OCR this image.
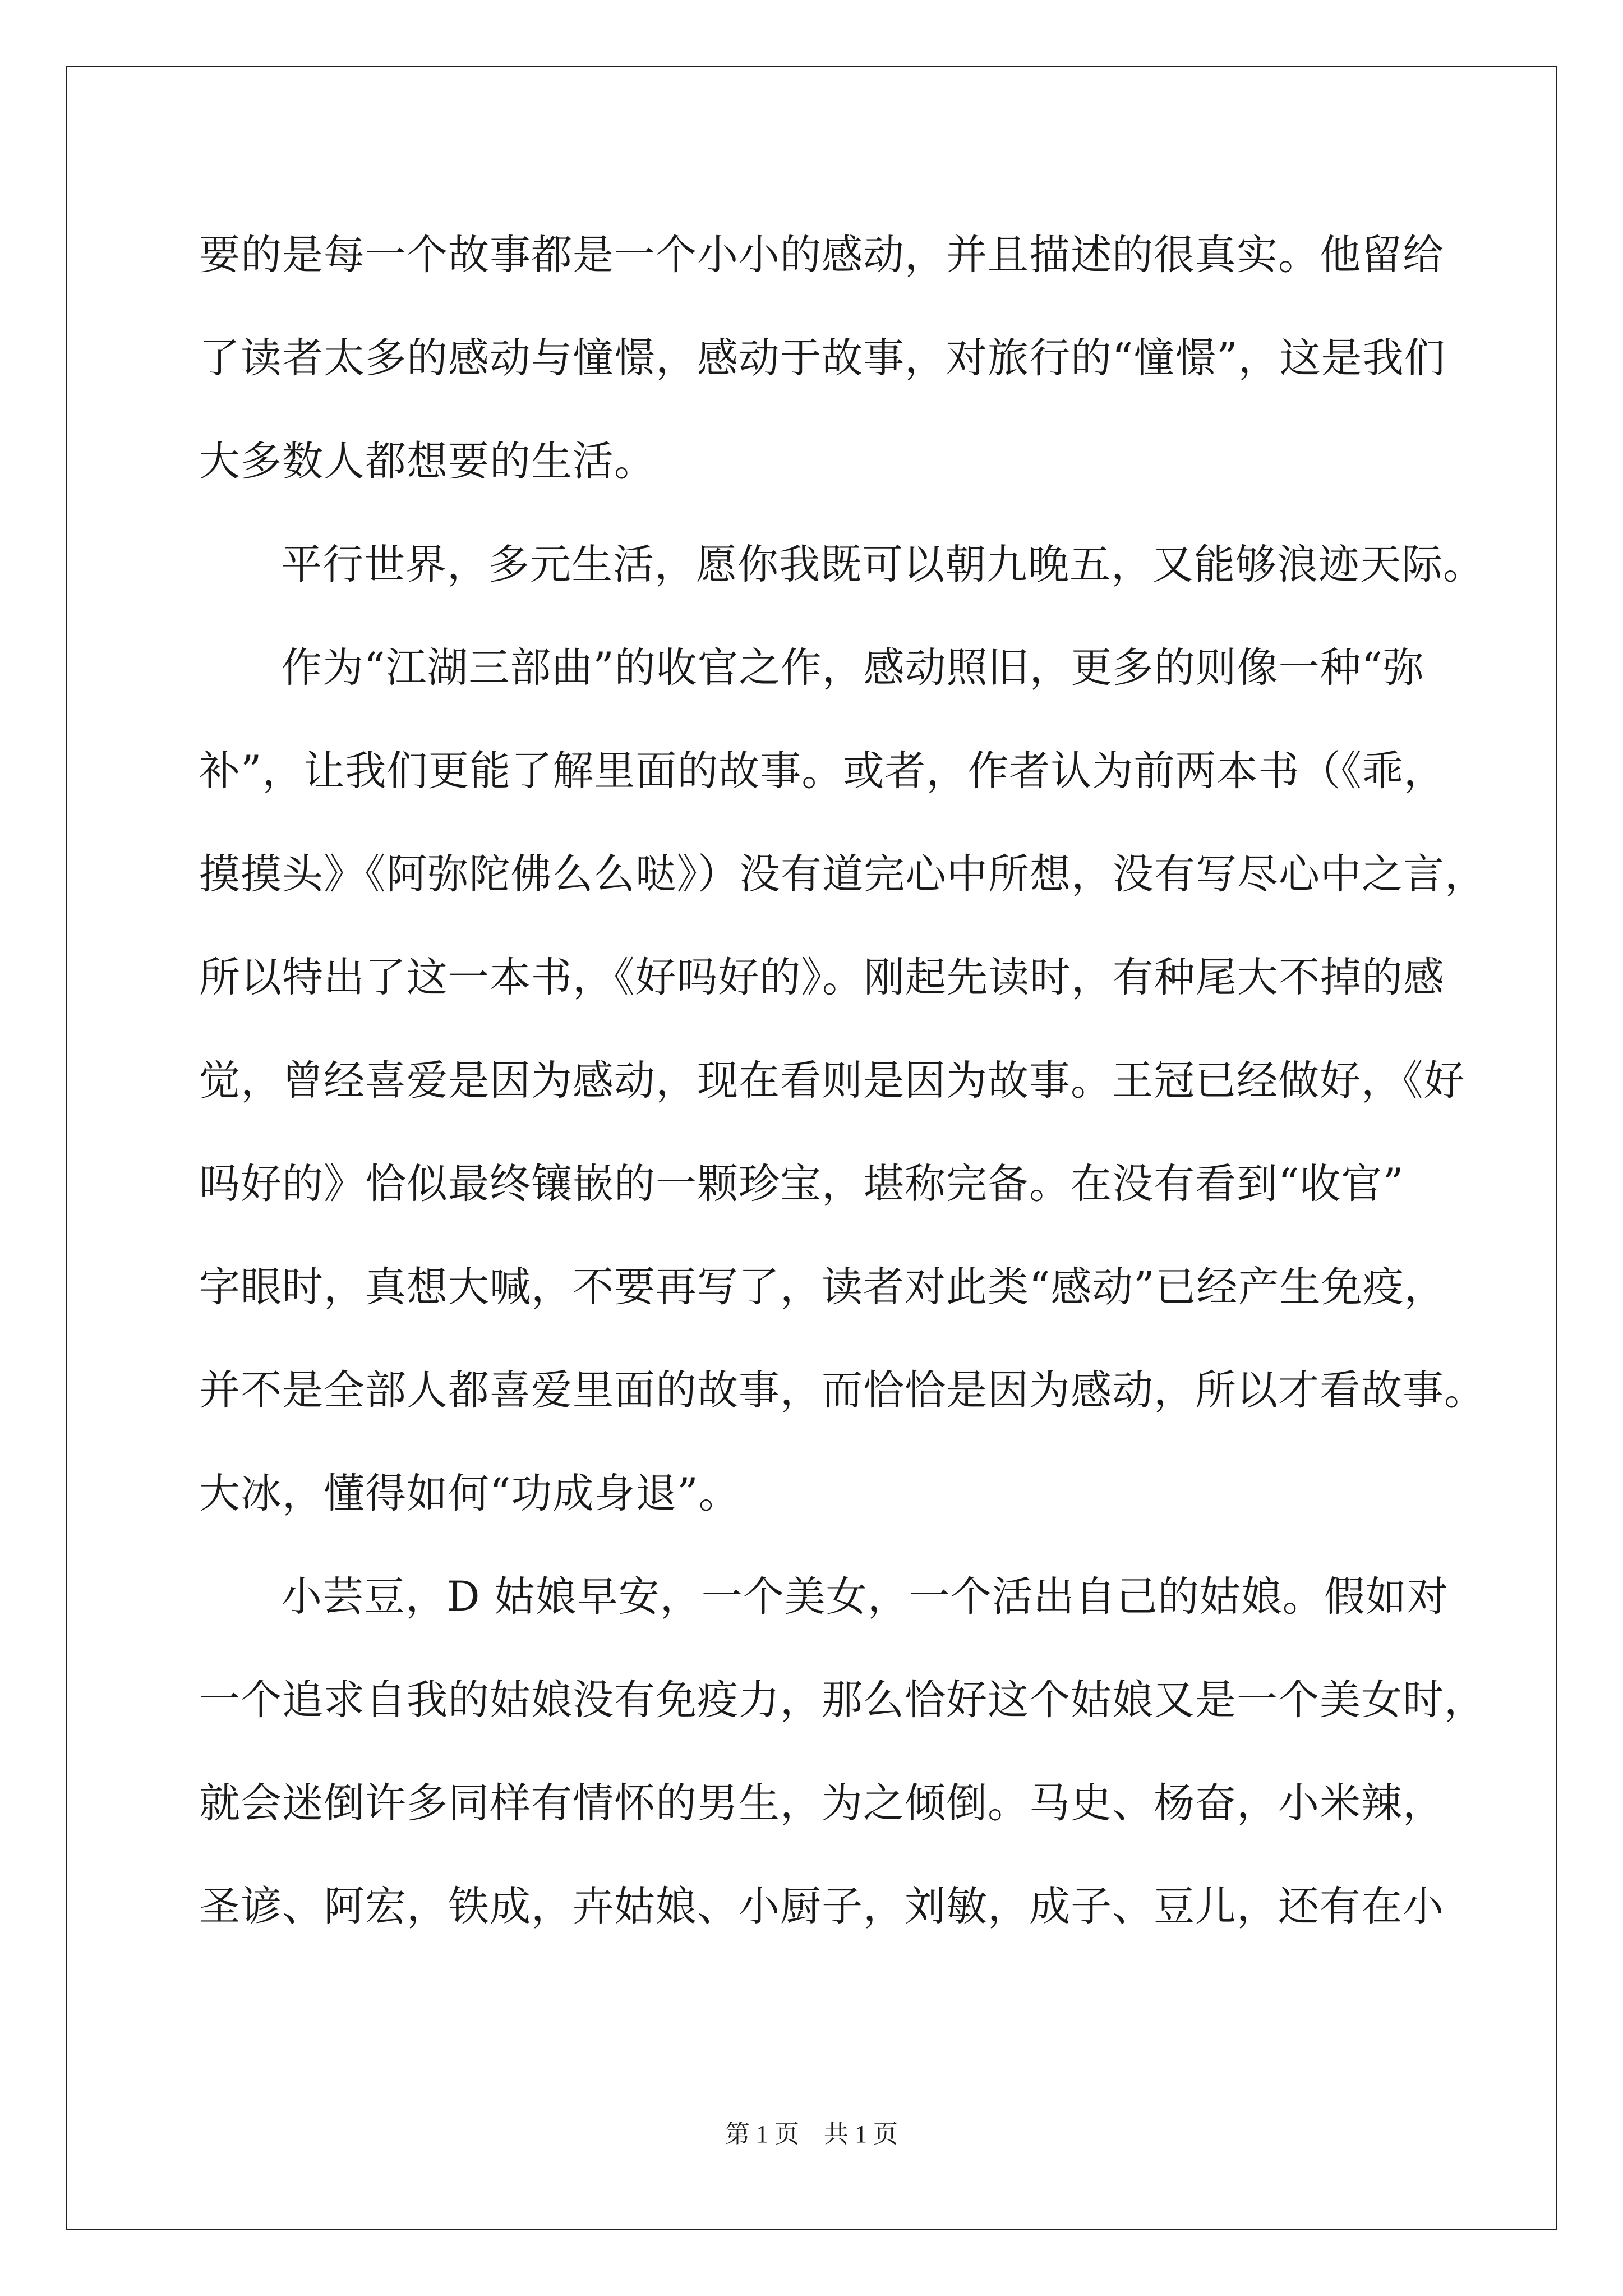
要的是每一个故事都是一个小小的感动，并且描述的很真实。他留给
了读者太多的感动与憧憬，感动于故事，对旅行的“憧憬”，这是我们
大多数人都想要的生活。
平行世界，多元生活，愿你我既可以朝九晚五，又能够浪迹天际。
作为“江湖三部曲”的收官之作，感动照旧，更多的则像一种“弥
补”，让我们更能了解里面的故事。或者，作者认为前两本书（《乖，
摸摸头》《阿弥陀佛么么哒》）没有道完心中所想，没有写尽心中之言，
所以特出了这一本书，《好吗好的》。刚起先读时，有种尾大不掉的感
觉，曾经喜爱是因为感动，现在看则是因为故事。王冠已经做好，《好
吗好的》恰似最终镶嵌的一颗珍宝，堪称完备。在没有看到“收官”
字眼时，真想大喊，不要再写了，读者对此类“感动”已经产生免疫，
并不是全部人都喜爱里面的故事，而恰恰是因为感动，所以才看故事。
大冰，懂得如何“功成身退”。
小芸豆，D 姑娘早安，一个美女，一个活出自己的姑娘。假如对
一个追求自我的姑娘没有免疫力，那么恰好这个姑娘又是一个美女时，
就会迷倒许多同样有情怀的男生，为之倾倒。马史、杨奋，小米辣，
圣谚、阿宏，铁成，卉姑娘、小厨子，刘敏，成子、豆儿，还有在小
第 1 页 共 1 页
